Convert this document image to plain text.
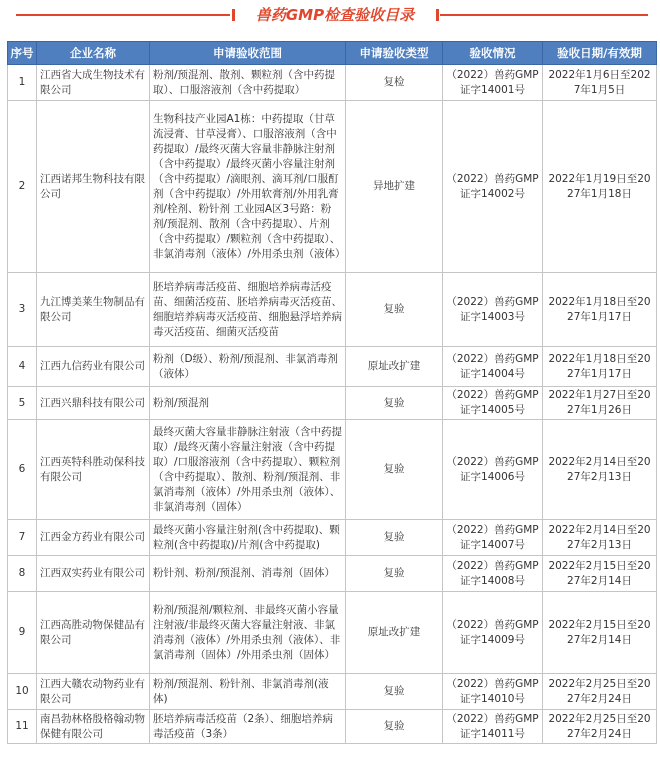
兽药GMP检查验收目录
序号	企业名称	申请验收范围	申请验收类型	验收情况	验收日期/有效期
1	江西省大成生物技术有限公司	粉剂/预混剂、散剂、颗粒剂（含中药提取）、口服溶液剂（含中药提取）	复检	（2022）兽药GMP证字14001号	2022年1月6日至2027年1月5日
2	江西诺邦生物科技有限公司	生物科技产业园A1栋：中药提取（甘草流浸膏、甘草浸膏）、口服溶液剂（含中药提取）/最终灭菌大容量非静脉注射剂（含中药提取）/最终灭菌小容量注射剂（含中药提取）/滴眼剂、滴耳剂/口服酊剂（含中药提取）/外用软膏剂/外用乳膏剂/栓剂、粉针剂 工业园A区3号路：粉剂/预混剂、散剂（含中药提取）、片剂（含中药提取）/颗粒剂（含中药提取）、非氯消毒剂（液体）/外用杀虫剂（液体）	异地扩建	（2022）兽药GMP证字14002号	2022年1月19日至2027年1月18日
3	九江博美莱生物制品有限公司	胚培养病毒活疫苗、细胞培养病毒活疫苗、细菌活疫苗、胚培养病毒灭活疫苗、细胞培养病毒灭活疫苗、细胞悬浮培养病毒灭活疫苗、细菌灭活疫苗	复验	（2022）兽药GMP证字14003号	2022年1月18日至2027年1月17日
4	江西九信药业有限公司	粉剂（D级）、粉剂/预混剂、非氯消毒剂（液体）	原址改扩建	（2022）兽药GMP证字14004号	2022年1月18日至2027年1月17日
5	江西兴鼎科技有限公司	粉剂/预混剂	复验	（2022）兽药GMP证字14005号	2022年1月27日至2027年1月26日
6	江西英特科胜动保科技有限公司	最终灭菌大容量非静脉注射液（含中药提取）/最终灭菌小容量注射液（含中药提取）/口服溶液剂（含中药提取）、颗粒剂（含中药提取）、散剂、粉剂/预混剂、非氯消毒剂（液体）/外用杀虫剂（液体）、非氯消毒剂（固体）	复验	（2022）兽药GMP证字14006号	2022年2月14日至2027年2月13日
7	江西金方药业有限公司	最终灭菌小容量注射剂(含中药提取)、颗粒剂(含中药提取)/片剂(含中药提取)	复验	（2022）兽药GMP证字14007号	2022年2月14日至2027年2月13日
8	江西双实药业有限公司	粉针剂、粉剂/预混剂、消毒剂（固体）	复验	（2022）兽药GMP证字14008号	2022年2月15日至2027年2月14日
9	江西高胜动物保健品有限公司	粉剂/预混剂/颗粒剂、非最终灭菌小容量注射液/非最终灭菌大容量注射液、非氯消毒剂（液体）/外用杀虫剂（液体）、非氯消毒剂（固体）/外用杀虫剂（固体）	原址改扩建	（2022）兽药GMP证字14009号	2022年2月15日至2027年2月14日
10	江西大赣农动物药业有限公司	粉剂/预混剂、粉针剂、非氯消毒剂(液体)	复验	（2022）兽药GMP证字14010号	2022年2月25日至2027年2月24日
11	南昌勃林格殷格翰动物保健有限公司	胚培养病毒活疫苗（2条）、细胞培养病毒活疫苗（3条）	复验	（2022）兽药GMP证字14011号	2022年2月25日至2027年2月24日
